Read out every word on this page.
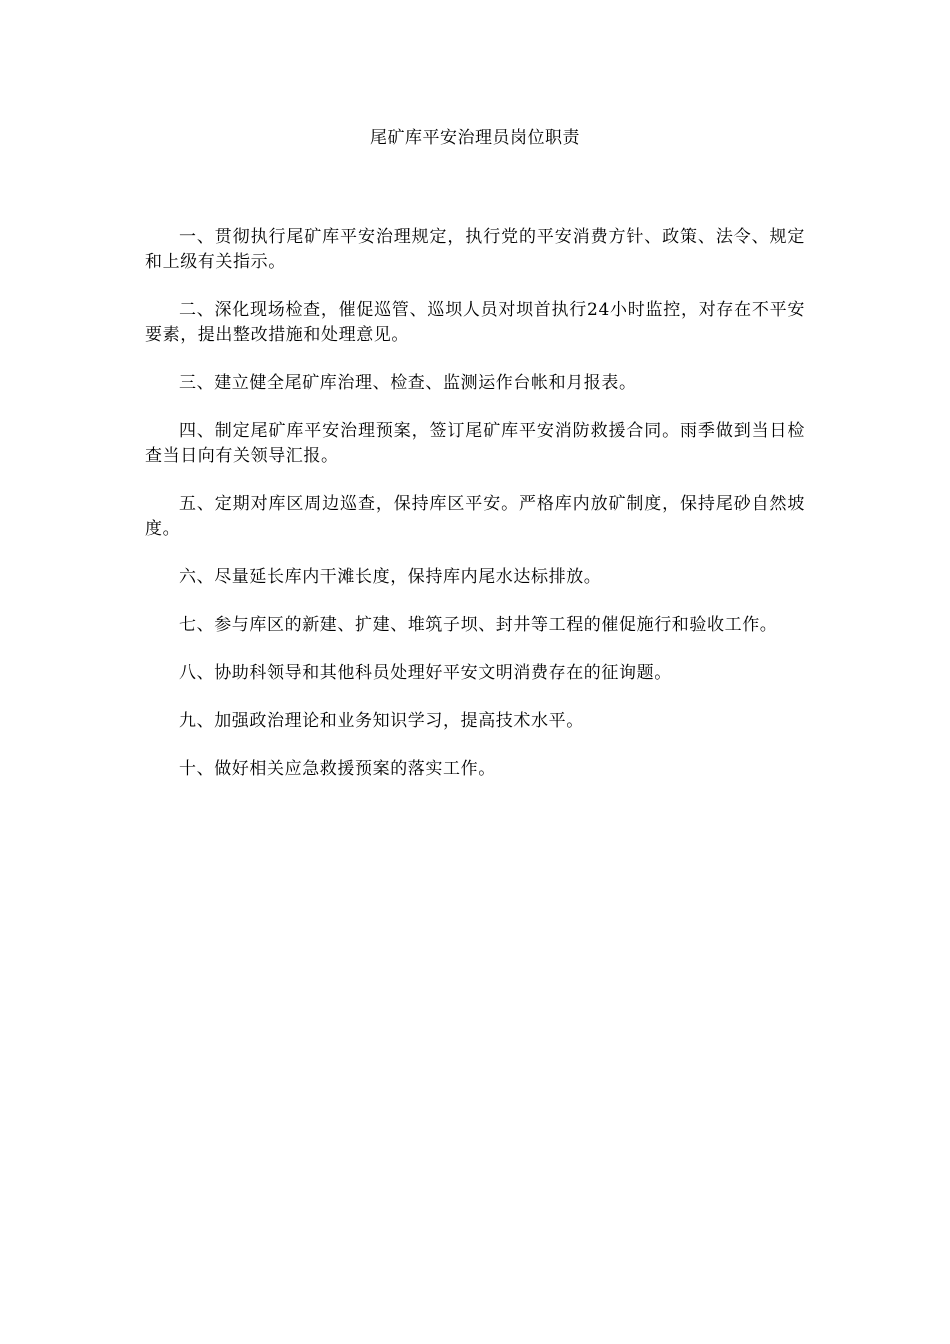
尾矿库平安治理员岗位职责

一、贯彻执行尾矿库平安治理规定，执行党的平安消费方针、政策、法令、规定和上级有关指示。

二、深化现场检查，催促巡管、巡坝人员对坝首执行24小时监控，对存在不平安要素，提出整改措施和处理意见。

三、建立健全尾矿库治理、检查、监测运作台帐和月报表。

四、制定尾矿库平安治理预案，签订尾矿库平安消防救援合同。雨季做到当日检查当日向有关领导汇报。

五、定期对库区周边巡查，保持库区平安。严格库内放矿制度，保持尾砂自然坡度。

六、尽量延长库内干滩长度，保持库内尾水达标排放。

七、参与库区的新建、扩建、堆筑子坝、封井等工程的催促施行和验收工作。

八、协助科领导和其他科员处理好平安文明消费存在的征询题。

九、加强政治理论和业务知识学习，提高技术水平。

十、做好相关应急救援预案的落实工作。
